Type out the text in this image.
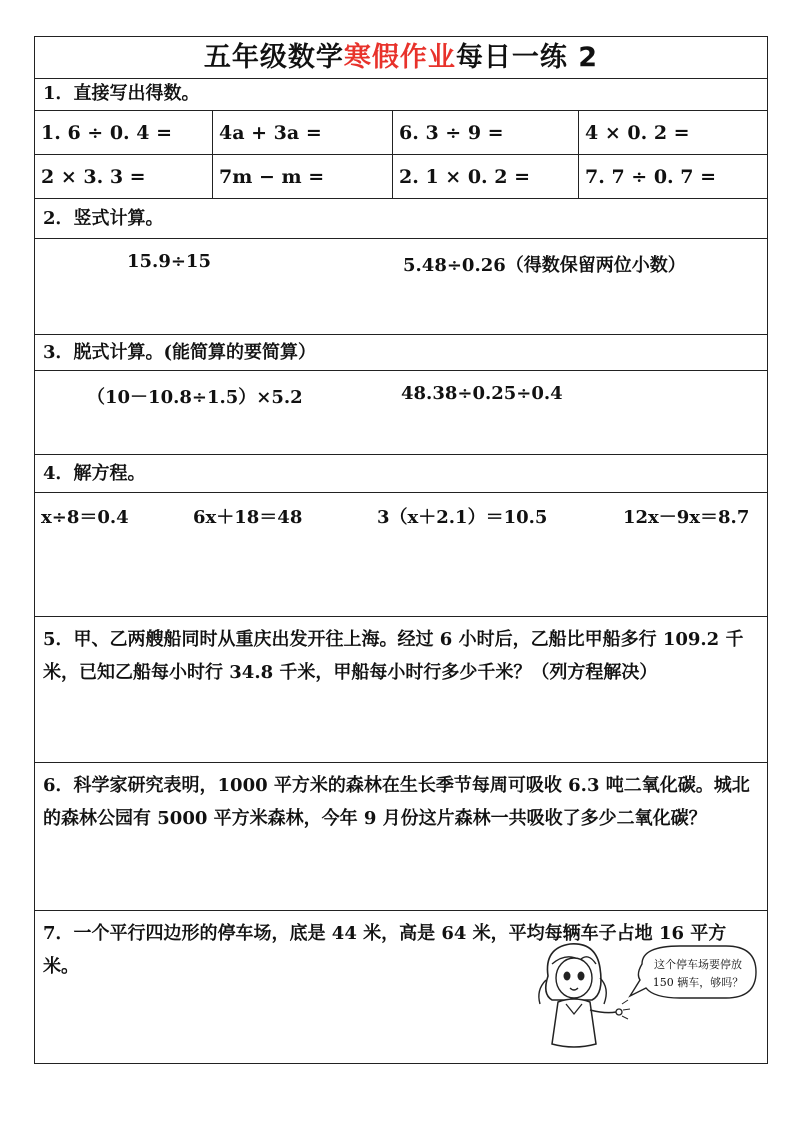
五年级数学寒假作业每日一练 2
1．直接写出得数。
1. 6 ÷ 0. 4 =	4a + 3a =	6. 3 ÷ 9 =	4 × 0. 2 =
2 × 3. 3 =	7m − m =	2. 1 × 0. 2 =	7. 7 ÷ 0. 7 =
2．竖式计算。
15.9÷15	5.48÷0.26（得数保留两位小数）
3．脱式计算。(能简算的要简算）
（10－10.8÷1.5）×5.2	48.38÷0.25÷0.4
4．解方程。
x÷8＝0.4	6x＋18＝48	3（x＋2.1）＝10.5	12x－9x＝8.7
5．甲、乙两艘船同时从重庆出发开往上海。经过 6 小时后，乙船比甲船多行 109.2 千米，已知乙船每小时行 34.8 千米，甲船每小时行多少千米？（列方程解决）
6．科学家研究表明，1000 平方米的森林在生长季节每周可吸收 6.3 吨二氧化碳。城北的森林公园有 5000 平方米森林，今年 9 月份这片森林一共吸收了多少二氧化碳？
7．一个平行四边形的停车场，底是 44 米，高是 64 米，平均每辆车子占地 16 平方米。	这个停车场要停放
150 辆车，够吗？
